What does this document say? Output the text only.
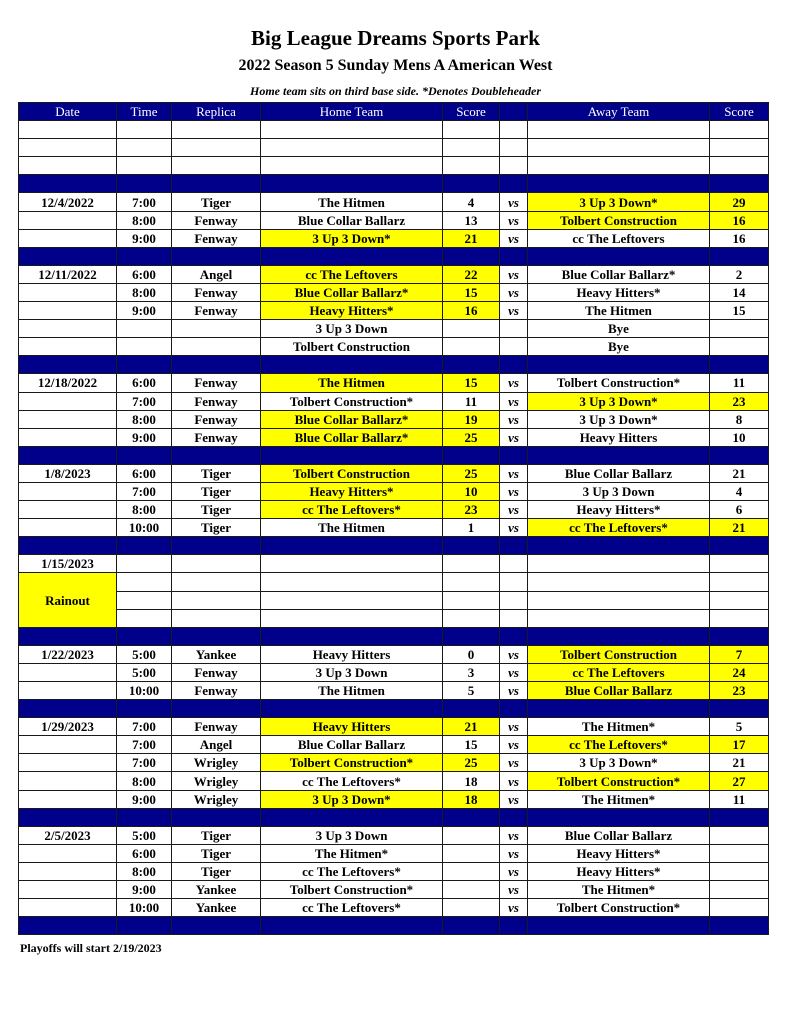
Big League Dreams Sports Park
2022 Season 5 Sunday Mens A American West
Home team sits on third base side. *Denotes Doubleheader
Date	Time	Replica	Home Team	Score		Away Team	Score

12/4/2022	7:00	Tiger	The Hitmen	4	vs	3 Up 3 Down*	29
	8:00	Fenway	Blue Collar Ballarz	13	vs	Tolbert Construction	16
	9:00	Fenway	3 Up 3 Down*	21	vs	cc The Leftovers	16

12/11/2022	6:00	Angel	cc The Leftovers	22	vs	Blue Collar Ballarz*	2
	8:00	Fenway	Blue Collar Ballarz*	15	vs	Heavy Hitters*	14
	9:00	Fenway	Heavy Hitters*	16	vs	The Hitmen	15
			3 Up 3 Down			Bye	
			Tolbert Construction			Bye	

12/18/2022	6:00	Fenway	The Hitmen	15	vs	Tolbert Construction*	11
	7:00	Fenway	Tolbert Construction*	11	vs	3 Up 3 Down*	23
	8:00	Fenway	Blue Collar Ballarz*	19	vs	3 Up 3 Down*	8
	9:00	Fenway	Blue Collar Ballarz*	25	vs	Heavy Hitters	10

1/8/2023	6:00	Tiger	Tolbert Construction	25	vs	Blue Collar Ballarz	21
	7:00	Tiger	Heavy Hitters*	10	vs	3 Up 3 Down	4
	8:00	Tiger	cc The Leftovers*	23	vs	Heavy Hitters*	6
	10:00	Tiger	The Hitmen	1	vs	cc The Leftovers*	21

1/15/2023							
Rainout							

1/22/2023	5:00	Yankee	Heavy Hitters	0	vs	Tolbert Construction	7
	5:00	Fenway	3 Up 3 Down	3	vs	cc The Leftovers	24
	10:00	Fenway	The Hitmen	5	vs	Blue Collar Ballarz	23

1/29/2023	7:00	Fenway	Heavy Hitters	21	vs	The Hitmen*	5
	7:00	Angel	Blue Collar Ballarz	15	vs	cc The Leftovers*	17
	7:00	Wrigley	Tolbert Construction*	25	vs	3 Up 3 Down*	21
	8:00	Wrigley	cc The Leftovers*	18	vs	Tolbert Construction*	27
	9:00	Wrigley	3 Up 3 Down*	18	vs	The Hitmen*	11

2/5/2023	5:00	Tiger	3 Up 3 Down		vs	Blue Collar Ballarz	
	6:00	Tiger	The Hitmen*		vs	Heavy Hitters*	
	8:00	Tiger	cc The Leftovers*		vs	Heavy Hitters*	
	9:00	Yankee	Tolbert Construction*		vs	The Hitmen*	
	10:00	Yankee	cc The Leftovers*		vs	Tolbert Construction*	

Playoffs will start 2/19/2023
